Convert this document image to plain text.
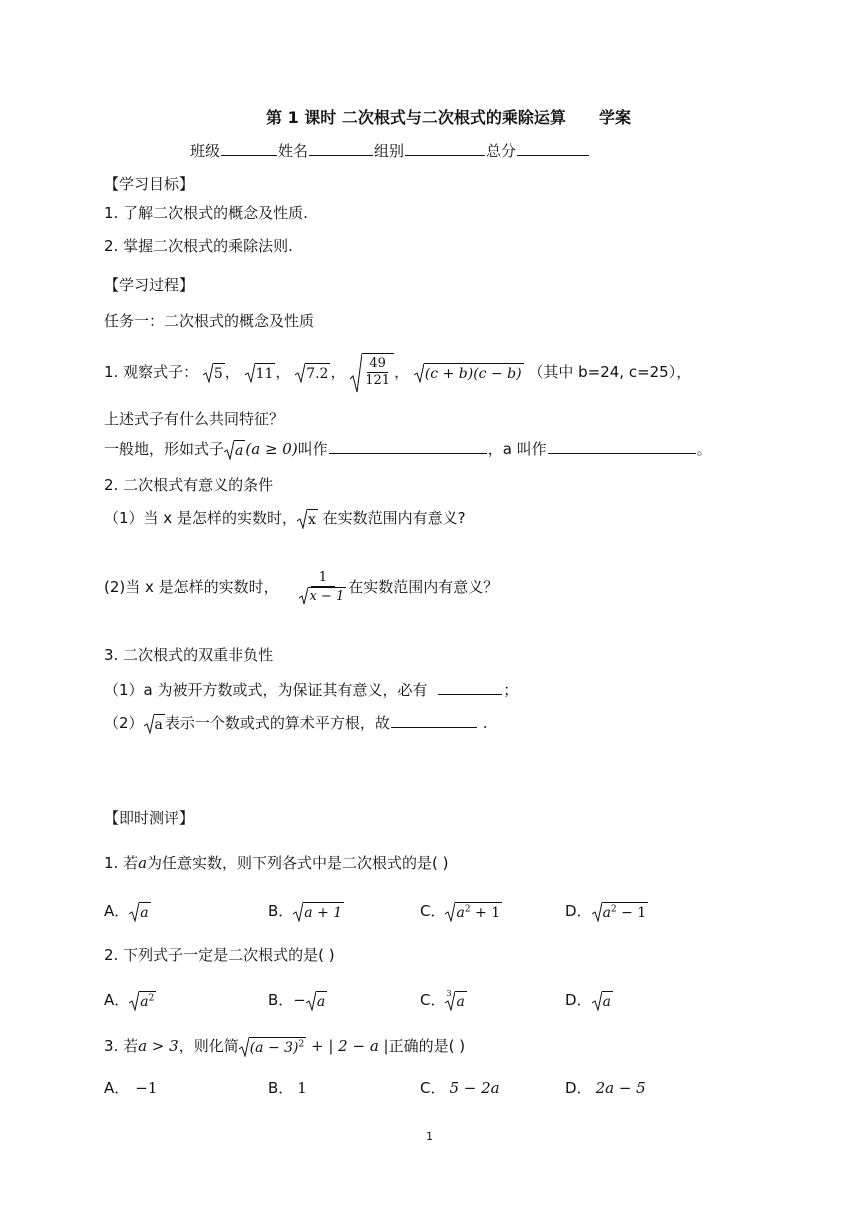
第 1 课时 二次根式与二次根式的乘除运算 学案
班级	姓名	组别	总分
【学习目标】
1. 了解二次根式的概念及性质.
2. 掌握二次根式的乘除法则.
【学习过程】
任务一：二次根式的概念及性质
1. 观察式子： 5 ， 11 ， 7.2 ， $\frac{49}{121}$ ， (c + b)(c − b) （其中 b=24, c=25），
上述式子有什么共同特征？
一般地，形如式子 a (a ≥ 0)叫作	，a 叫作	。
2. 二次根式有意义的条件
（1）当 x 是怎样的实数时， x 在实数范围内有意义?
(2)当 x 是怎样的实数时， $\frac{1}{x - 1}$ 在实数范围内有意义？
3. 二次根式的双重非负性
（1）a 为被开方数或式，为保证其有意义，必有	；
（2） a 表示一个数或式的算术平方根，故	.
【即时测评】
1. 若a为任意实数，则下列各式中是二次根式的是( )
A． a	B． a + 1	C． $a^2 + 1$	D． $a^2 - 1$
2. 下列式子一定是二次根式的是( )
A． $a^2$	B．− a	C． 3
a	D． a
3. 若a > 3，则化简 $(a - 3)^2$ + | 2 − a |正确的是( )
A． −1	B． 1	C． 5 − 2a	D． 2a − 5
1
